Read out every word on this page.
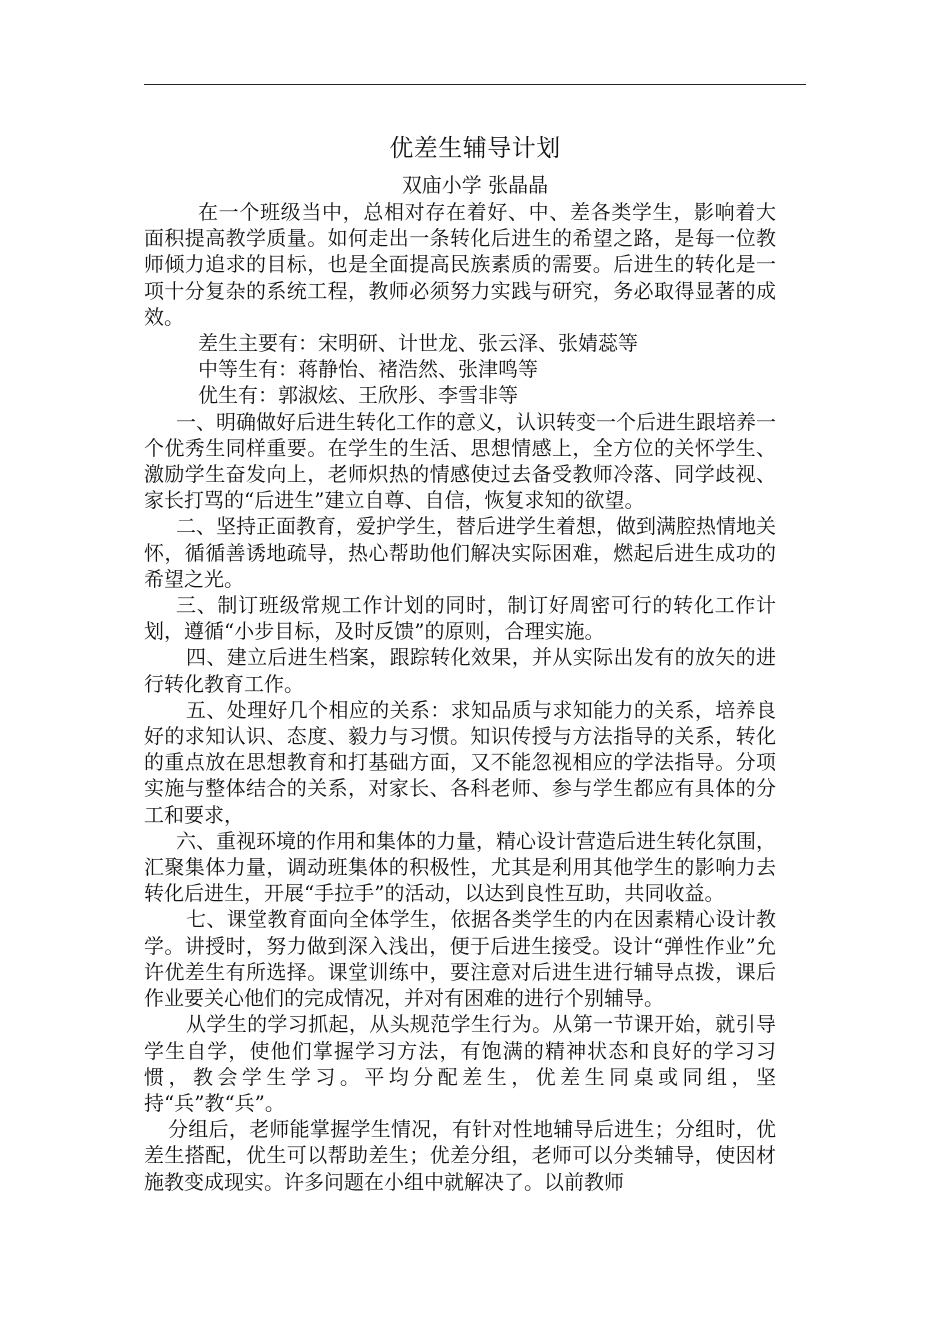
优差生辅导计划
双庙小学 张晶晶

在一个班级当中，总相对存在着好、中、差各类学生，影响着大面积提高教学质量。如何走出一条转化后进生的希望之路，是每一位教师倾力追求的目标，也是全面提高民族素质的需要。后进生的转化是一项十分复杂的系统工程，教师必须努力实践与研究，务必取得显著的成效。

差生主要有：宋明研、计世龙、张云泽、张婧蕊等

中等生有：蒋静怡、褚浩然、张津鸣等

优生有：郭淑炫、王欣彤、李雪非等

一、明确做好后进生转化工作的意义，认识转变一个后进生跟培养一个优秀生同样重要。在学生的生活、思想情感上，全方位的关怀学生、激励学生奋发向上，老师炽热的情感使过去备受教师冷落、同学歧视、家长打骂的“后进生”建立自尊、自信，恢复求知的欲望。

二、坚持正面教育，爱护学生，替后进学生着想，做到满腔热情地关怀，循循善诱地疏导，热心帮助他们解决实际困难，燃起后进生成功的希望之光。

三、制订班级常规工作计划的同时，制订好周密可行的转化工作计划，遵循“小步目标，及时反馈”的原则，合理实施。

四、建立后进生档案，跟踪转化效果，并从实际出发有的放矢的进行转化教育工作。

五、处理好几个相应的关系：求知品质与求知能力的关系，培养良好的求知认识、态度、毅力与习惯。知识传授与方法指导的关系，转化的重点放在思想教育和打基础方面，又不能忽视相应的学法指导。分项实施与整体结合的关系，对家长、各科老师、参与学生都应有具体的分工和要求，

六、重视环境的作用和集体的力量，精心设计营造后进生转化氛围，汇聚集体力量，调动班集体的积极性，尤其是利用其他学生的影响力去转化后进生，开展“手拉手”的活动，以达到良性互助，共同收益。

七、课堂教育面向全体学生，依据各类学生的内在因素精心设计教学。讲授时，努力做到深入浅出，便于后进生接受。设计“弹性作业”允许优差生有所选择。课堂训练中，要注意对后进生进行辅导点拨，课后作业要关心他们的完成情况，并对有困难的进行个别辅导。

从学生的学习抓起，从头规范学生行为。从第一节课开始，就引导学生自学，使他们掌握学习方法，有饱满的精神状态和良好的学习习惯，教会学生学习。平均分配差生，优差生同桌或同组，坚持“兵”教“兵”。

分组后，老师能掌握学生情况，有针对性地辅导后进生；分组时，优差生搭配，优生可以帮助差生；优差分组，老师可以分类辅导，使因材施教变成现实。许多问题在小组中就解决了。以前教师
